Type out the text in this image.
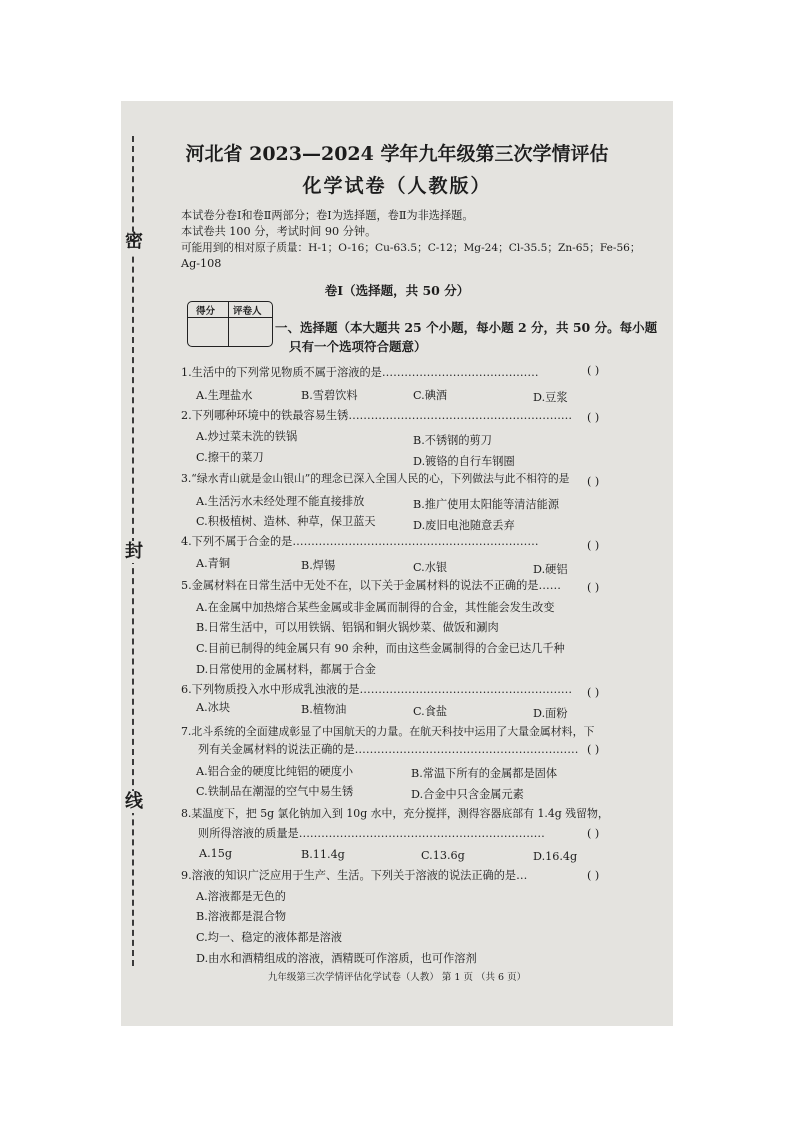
密
封
线
河北省 2023—2024 学年九年级第三次学情评估
化学试卷（人教版）
本试卷分卷Ⅰ和卷Ⅱ两部分；卷Ⅰ为选择题，卷Ⅱ为非选择题。
本试卷共 100 分，考试时间 90 分钟。
可能用到的相对原子质量：H-1；O-16；Cu-63.5；C-12；Mg-24；Cl-35.5；Zn-65；Fe-56；
Ag-108
卷Ⅰ（选择题，共 50 分）
得分 评卷人
一、选择题（本大题共 25 个小题，每小题 2 分，共 50 分。每小题
只有一个选项符合题意）
1.生活中的下列常见物质不属于溶液的是……………………………………	( )
A.生理盐水	B.雪碧饮料	C.碘酒	D.豆浆
2.下列哪种环境中的铁最容易生锈…………………………………………………… ( )
A.炒过菜未洗的铁锅	B.不锈钢的剪刀
C.擦干的菜刀	D.镀铬的自行车钢圈
3.“绿水青山就是金山银山”的理念已深入全国人民的心，下列做法与此不相符的是 ( )
A.生活污水未经处理不能直接排放	B.推广使用太阳能等清洁能源
C.积极植树、造林、种草，保卫蓝天	D.废旧电池随意丢弃
4.下列不属于合金的是…………………………………………………………	( )
A.青铜	B.焊锡	C.水银	D.硬铝
5.金属材料在日常生活中无处不在，以下关于金属材料的说法不正确的是…… ( )
A.在金属中加热熔合某些金属或非金属而制得的合金，其性能会发生改变
B.日常生活中，可以用铁锅、铝锅和铜火锅炒菜、做饭和涮肉
C.目前已制得的纯金属只有 90 余种，而由这些金属制得的合金已达几千种
D.日常使用的金属材料，都属于合金
6.下列物质投入水中形成乳浊液的是………………………………………………… ( )
A.冰块	B.植物油	C.食盐	D.面粉
7.北斗系统的全面建成彰显了中国航天的力量。在航天科技中运用了大量金属材料，下
列有关金属材料的说法正确的是…………………………………………………… ( )
A.铝合金的硬度比纯铝的硬度小	B.常温下所有的金属都是固体
C.铁制品在潮湿的空气中易生锈	D.合金中只含金属元素
8.某温度下，把 5g 氯化钠加入到 10g 水中，充分搅拌，测得容器底部有 1.4g 残留物，
则所得溶液的质量是…………………………………………………………	( )
A.15g	B.11.4g	C.13.6g	D.16.4g
9.溶液的知识广泛应用于生产、生活。下列关于溶液的说法正确的是…	( )
A.溶液都是无色的
B.溶液都是混合物
C.均一、稳定的液体都是溶液
D.由水和酒精组成的溶液，酒精既可作溶质，也可作溶剂
九年级第三次学情评估化学试卷（人教） 第 1 页 （共 6 页）
